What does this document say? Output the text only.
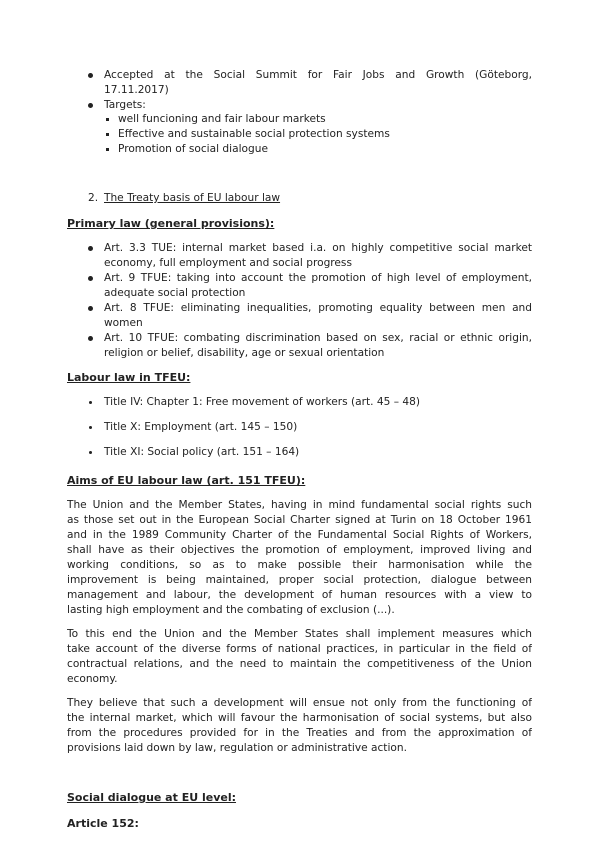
Accepted at the Social Summit for Fair Jobs and Growth (Göteborg,
17.11.2017)
Targets:
well funcioning and fair labour markets
Effective and sustainable social protection systems
Promotion of social dialogue
2. The Treaty basis of EU labour law
Primary law (general provisions):
Art. 3.3 TUE: internal market based i.a. on highly competitive social market
economy, full employment and social progress
Art. 9 TFUE: taking into account the promotion of high level of employment,
adequate social protection
Art. 8 TFUE: eliminating inequalities, promoting equality between men and
women
Art. 10 TFUE: combating discrimination based on sex, racial or ethnic origin,
religion or belief, disability, age or sexual orientation
Labour law in TFEU:
Title IV: Chapter 1: Free movement of workers (art. 45 – 48)
Title X: Employment (art. 145 – 150)
Title XI: Social policy (art. 151 – 164)
Aims of EU labour law (art. 151 TFEU):
The Union and the Member States, having in mind fundamental social rights such
as those set out in the European Social Charter signed at Turin on 18 October 1961
and in the 1989 Community Charter of the Fundamental Social Rights of Workers,
shall have as their objectives the promotion of employment, improved living and
working conditions, so as to make possible their harmonisation while the
improvement is being maintained, proper social protection, dialogue between
management and labour, the development of human resources with a view to
lasting high employment and the combating of exclusion (...).
To this end the Union and the Member States shall implement measures which
take account of the diverse forms of national practices, in particular in the field of
contractual relations, and the need to maintain the competitiveness of the Union
economy.
They believe that such a development will ensue not only from the functioning of
the internal market, which will favour the harmonisation of social systems, but also
from the procedures provided for in the Treaties and from the approximation of
provisions laid down by law, regulation or administrative action.
Social dialogue at EU level:
Article 152:
